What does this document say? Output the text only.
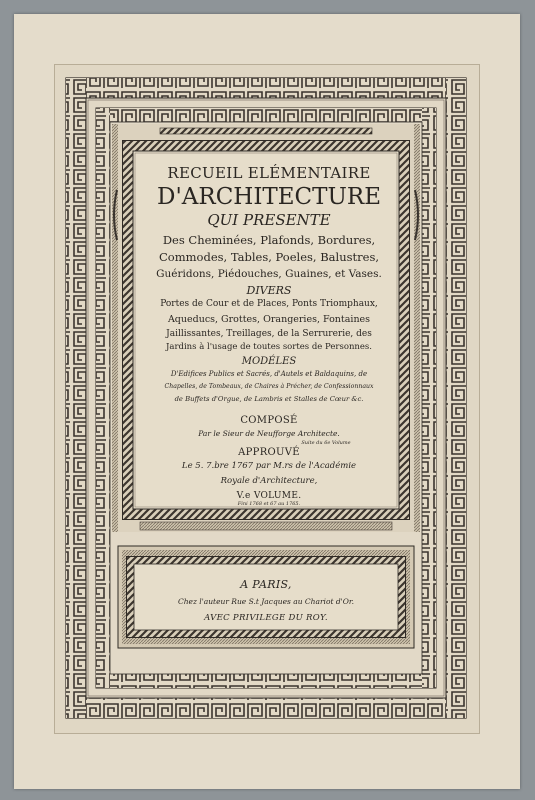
RECUEIL ELÉMENTAIRE
D'ARCHITECTURE
QUI PRESENTE
Des Cheminées, Plafonds, Bordures,
Commodes, Tables, Poeles, Balustres,
Guéridons, Piédouches, Guaines, et Vases.
DIVERS
Portes de Cour et de Places, Ponts Triomphaux,
Aqueducs, Grottes, Orangeries, Fontaines
Jaillissantes, Treillages, de la Serrurerie, des
Jardins à l'usage de toutes sortes de Personnes.
MODÉLES
D'Edifices Publics et Sacrés, d'Autels et Baldaquins, de
Chapelles, de Tombeaux, de Chaires à Précher, de Confessionnaux
de Buffets d'Orgue, de Lambris et Stalles de Cœur &c.
COMPOSÉ
Par le Sieur de Neufforge Architecte.
Suite du 6e Volume
APPROUVÉ
Le 5. 7.bre 1767 par M.rs de l'Académie
Royale d'Architecture,
V.e VOLUME.
Fini 1768 et 67 au 1765.
A PARIS,
Chez l'auteur Rue S.t Jacques au Chariot d'Or.
AVEC PRIVILEGE DU ROY.
